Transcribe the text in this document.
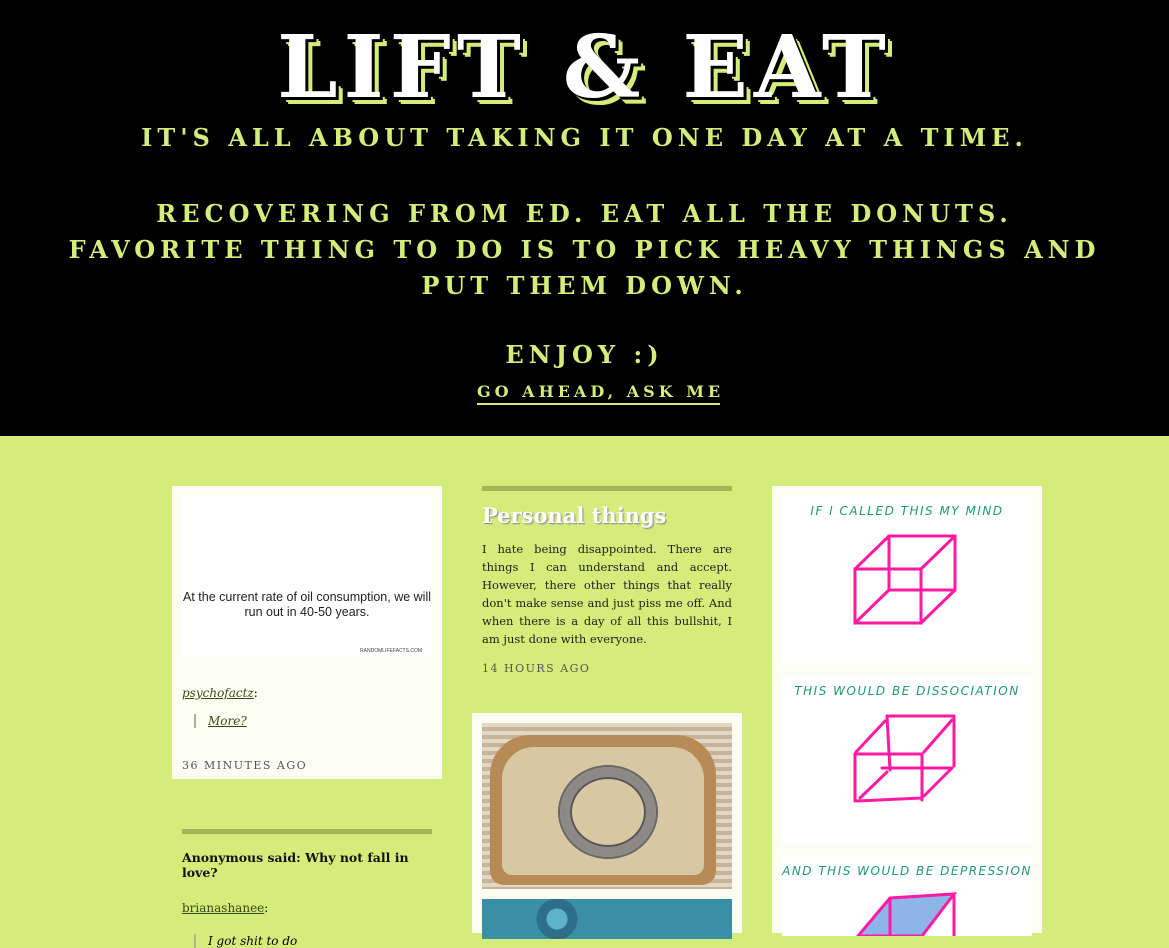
LIFT & EAT
IT'S ALL ABOUT TAKING IT ONE DAY AT A TIME.
RECOVERING FROM ED. EAT ALL THE DONUTS.
FAVORITE THING TO DO IS TO PICK HEAVY THINGS AND
PUT THEM DOWN.
ENJOY :)
GO AHEAD, ASK ME
At the current rate of oil consumption, we will run out in 40-50 years.
RANDOMLIFEFACTS.COM
psychofactz:
More?
36 MINUTES AGO
Anonymous said: Why not fall in love?
brianashanee:
I got shit to do
Personal things
I hate being disappointed. There are things I can understand and accept. However, there other things that really don't make sense and just piss me off. And when there is a day of all this bullshit, I am just done with everyone.
14 HOURS AGO
IF I CALLED THIS MY MIND
THIS WOULD BE DISSOCIATION
AND THIS WOULD BE DEPRESSION
